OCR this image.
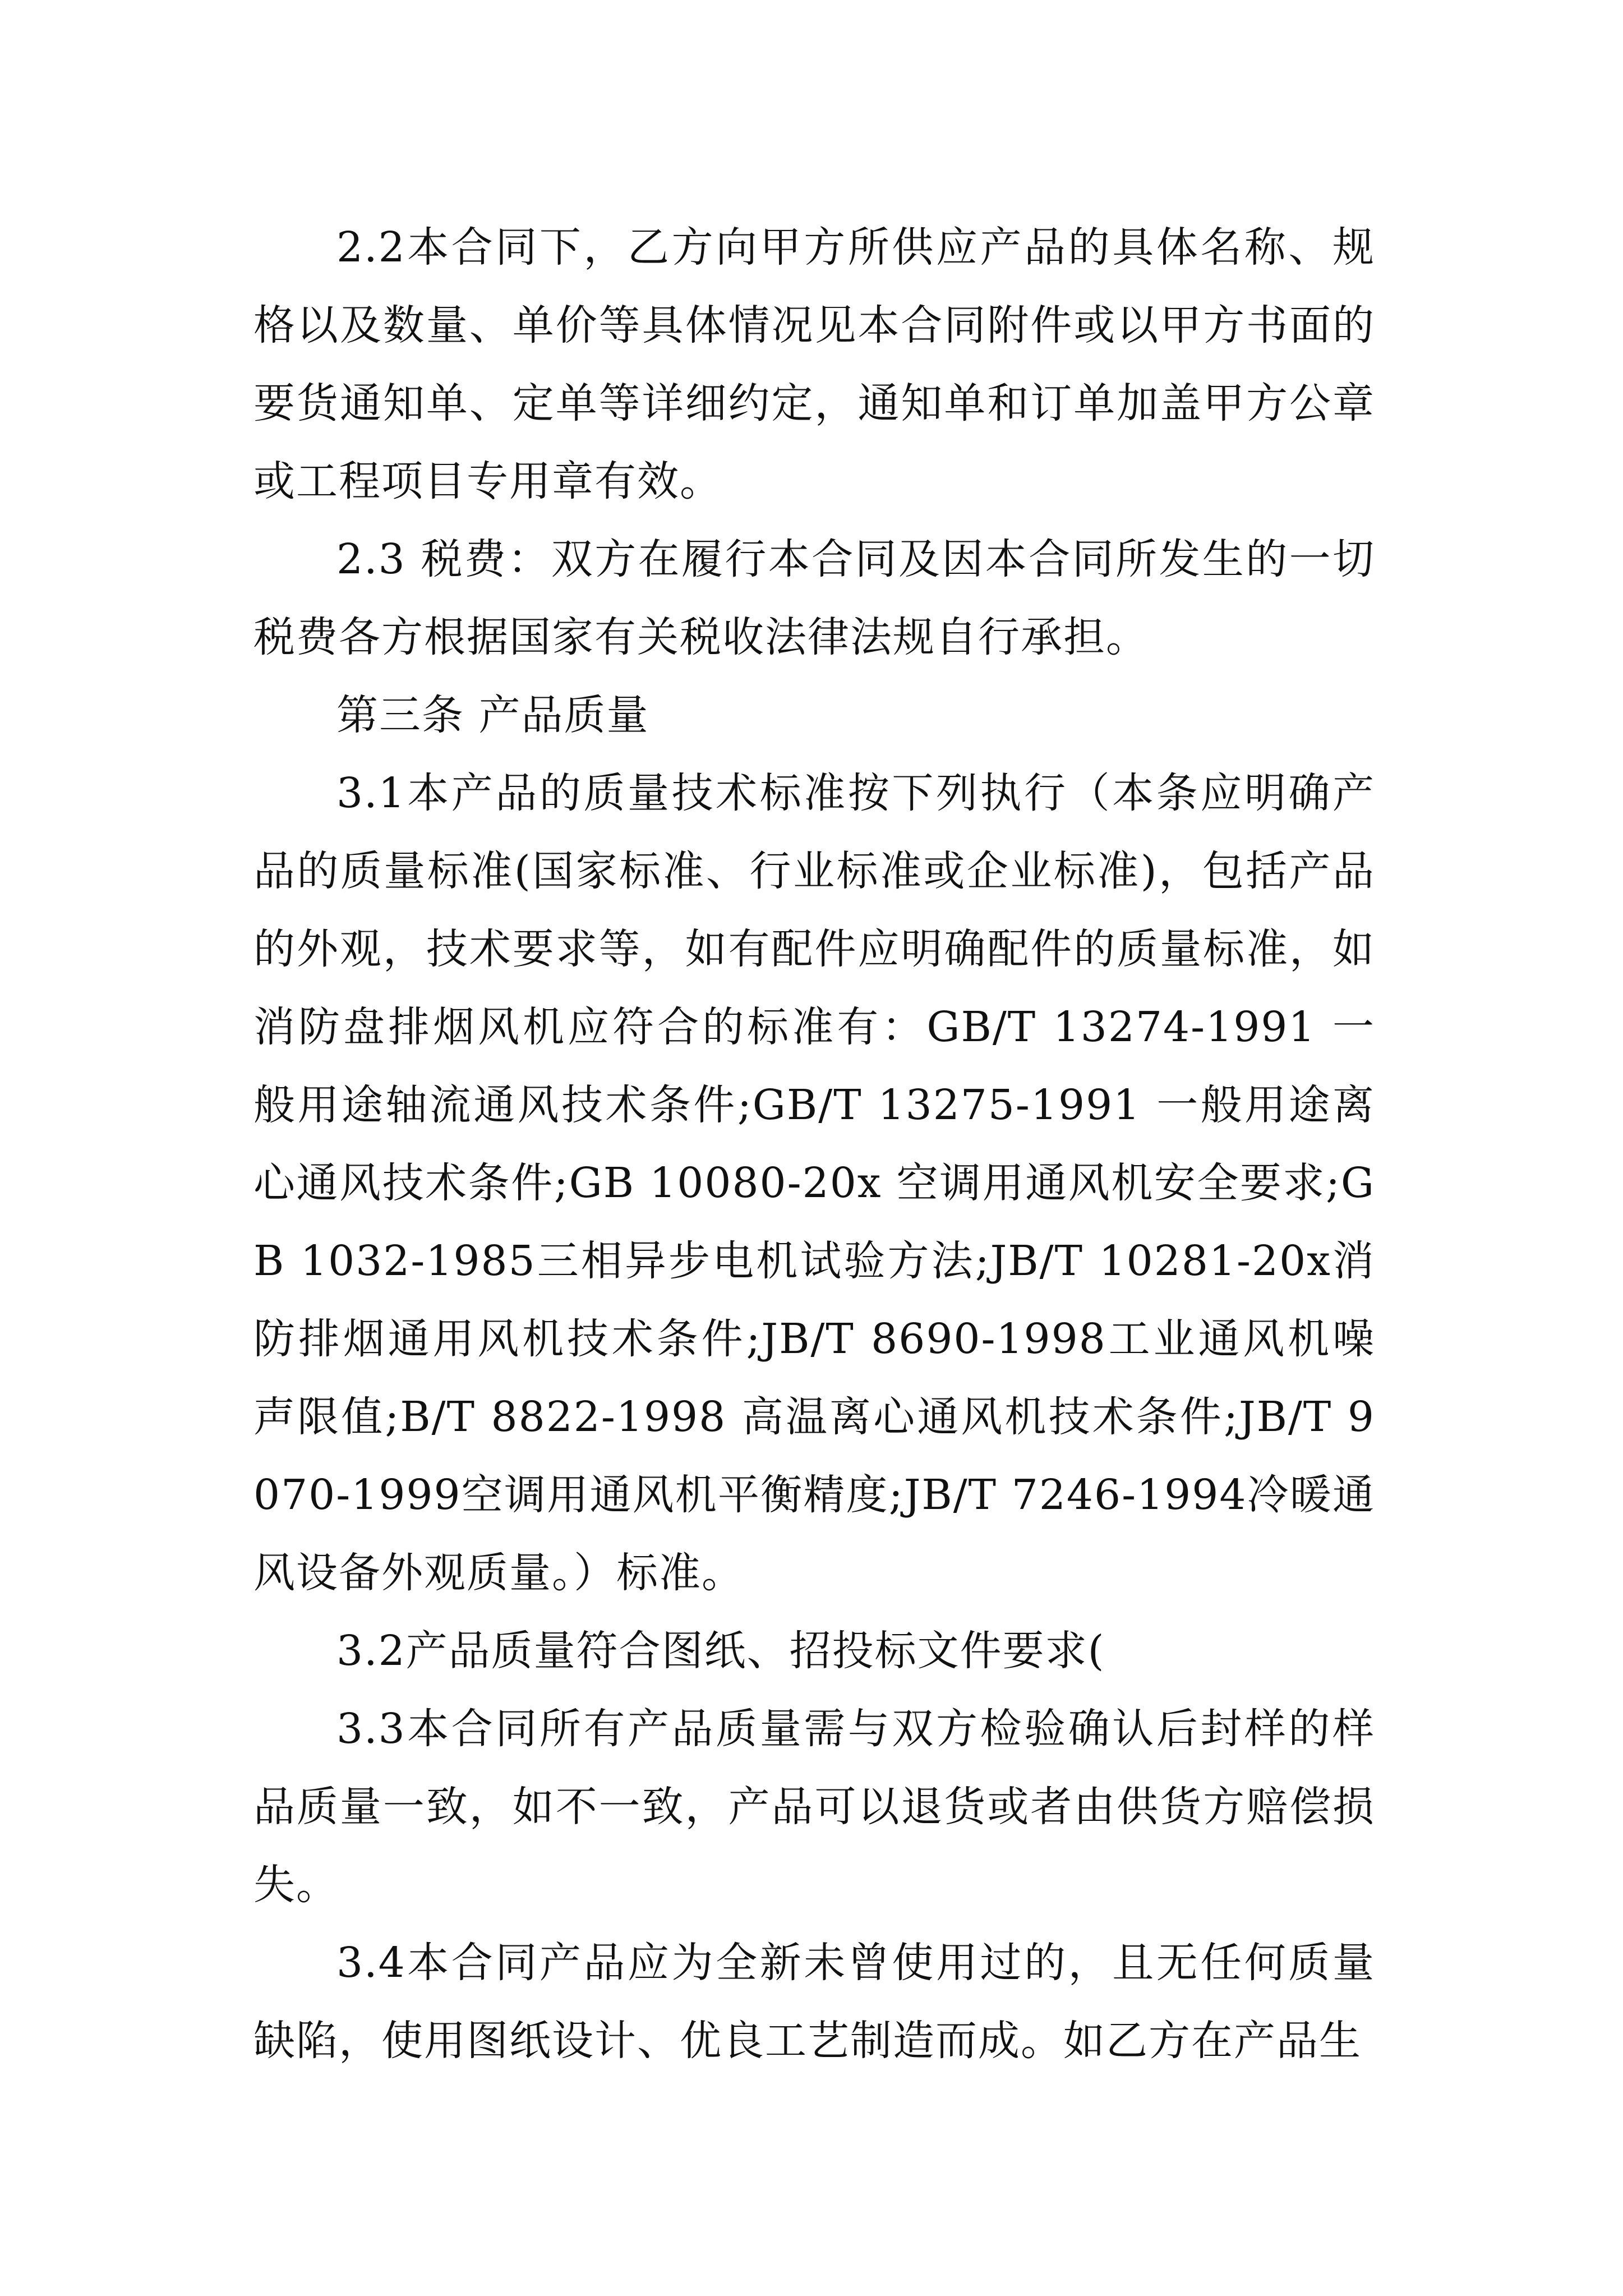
2.2本合同下，乙方向甲方所供应产品的具体名称、规格以及数量、单价等具体情况见本合同附件或以甲方书面的要货通知单、定单等详细约定，通知单和订单加盖甲方公章或工程项目专用章有效。

2.3 税费：双方在履行本合同及因本合同所发生的一切税费各方根据国家有关税收法律法规自行承担。

第三条 产品质量

3.1本产品的质量技术标准按下列执行（本条应明确产品的质量标准(国家标准、行业标准或企业标准)，包括产品的外观，技术要求等，如有配件应明确配件的质量标准，如消防盘排烟风机应符合的标准有：GB/T 13274-1991 一般用途轴流通风技术条件;GB/T 13275-1991 一般用途离心通风技术条件;GB 10080-20x 空调用通风机安全要求;GB 1032-1985三相异步电机试验方法;JB/T 10281-20x消防排烟通用风机技术条件;JB/T 8690-1998工业通风机噪声限值;B/T 8822-1998 高温离心通风机技术条件;JB/T 9070-1999空调用通风机平衡精度;JB/T 7246-1994冷暖通风设备外观质量。）标准。

3.2产品质量符合图纸、招投标文件要求(

3.3本合同所有产品质量需与双方检验确认后封样的样品质量一致，如不一致，产品可以退货或者由供货方赔偿损失。

3.4本合同产品应为全新未曾使用过的，且无任何质量缺陷，使用图纸设计、优良工艺制造而成。如乙方在产品生
